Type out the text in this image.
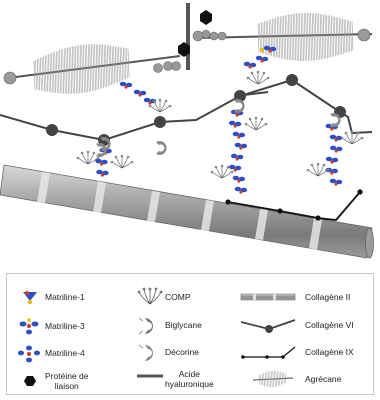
Matriline-1
Matriline-3
Matriline-4
Protéine de
liaison
COMP
Biglycane
Décorine
Acide
hyaluronique
Collagène II
Collagène VI
Collagène IX
Agrécane
